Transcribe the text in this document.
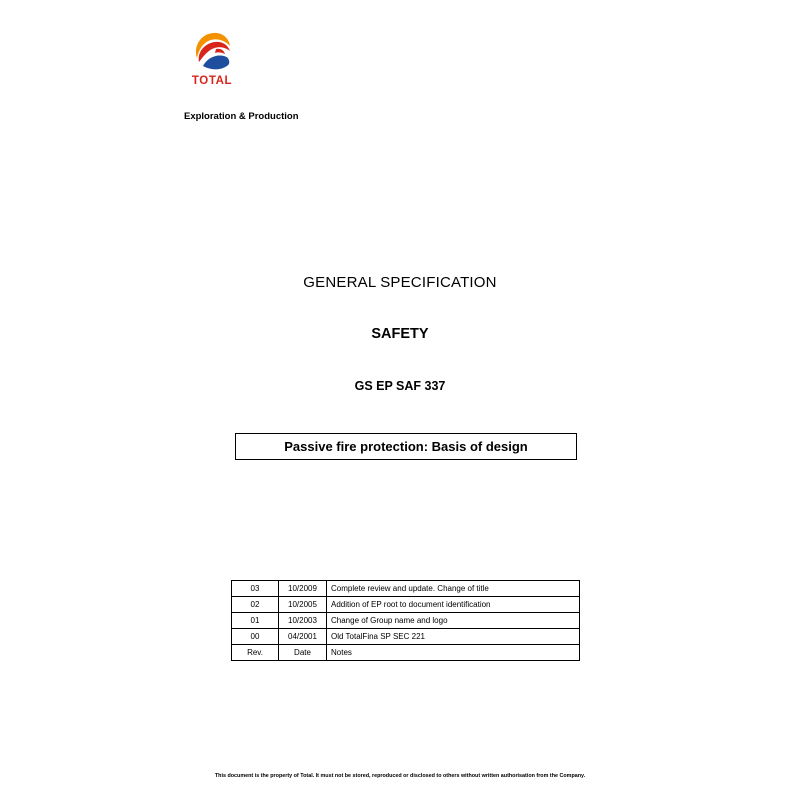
TOTAL
Exploration & Production
GENERAL SPECIFICATION
SAFETY
GS EP SAF 337
Passive fire protection: Basis of design
03	10/2009	Complete review and update. Change of title
02	10/2005	Addition of EP root to document identification
01	10/2003	Change of Group name and logo
00	04/2001	Old TotalFina SP SEC 221
Rev.	Date	Notes
This document is the property of Total. It must not be stored, reproduced or disclosed to others without written authorisation from the Company.
